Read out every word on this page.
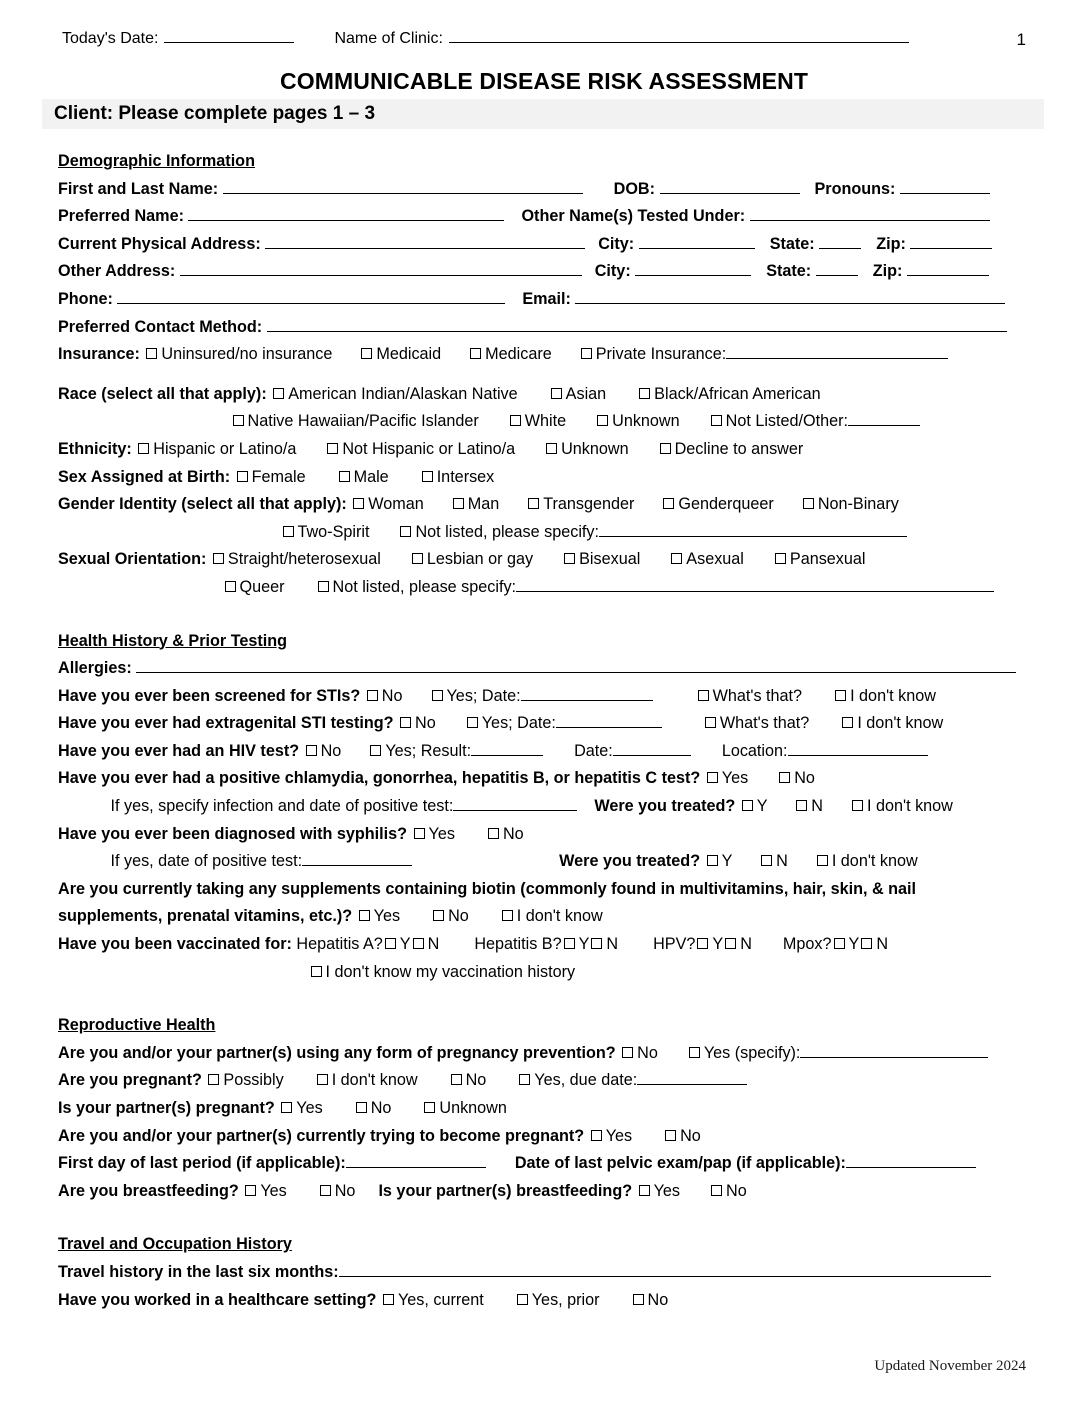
Today's Date:	Name of Clinic:	1
COMMUNICABLE DISEASE RISK ASSESSMENT
Client: Please complete pages 1 – 3
Demographic Information
First and Last Name:	DOB:	Pronouns:
Preferred Name:	Other Name(s) Tested Under:
Current Physical Address:	City:	State:	Zip:
Other Address:	City:	State:	Zip:
Phone:	Email:
Preferred Contact Method:
Insurance: Uninsured/no insurance	Medicaid	Medicare	Private Insurance:
Race (select all that apply): American Indian/Alaskan Native	Asian	Black/African American
Native Hawaiian/Pacific Islander	White	Unknown	Not Listed/Other:
Ethnicity: Hispanic or Latino/a	Not Hispanic or Latino/a	Unknown	Decline to answer
Sex Assigned at Birth: Female	Male	Intersex
Gender Identity (select all that apply): Woman	Man	Transgender	Genderqueer	Non-Binary
Two-Spirit	Not listed, please specify:
Sexual Orientation: Straight/heterosexual	Lesbian or gay	Bisexual	Asexual	Pansexual
Queer	Not listed, please specify:
Health History & Prior Testing
Allergies:
Have you ever been screened for STIs? No	Yes; Date:	What's that?	I don't know
Have you ever had extragenital STI testing? No	Yes; Date:	What's that?	I don't know
Have you ever had an HIV test? No	Yes; Result:	Date:	Location:
Have you ever had a positive chlamydia, gonorrhea, hepatitis B, or hepatitis C test? Yes	No
If yes, specify infection and date of positive test:	Were you treated? Y	N	I don't know
Have you ever been diagnosed with syphilis? Yes	No
If yes, date of positive test:	Were you treated? Y	N	I don't know
Are you currently taking any supplements containing biotin (commonly found in multivitamins, hair, skin, & nail
supplements, prenatal vitamins, etc.)? Yes	No	I don't know
Have you been vaccinated for: Hepatitis A? Y N Hepatitis B? Y N HPV? Y N Mpox? Y N
I don't know my vaccination history
Reproductive Health
Are you and/or your partner(s) using any form of pregnancy prevention? No	Yes (specify):
Are you pregnant? Possibly	I don't know	No	Yes, due date:
Is your partner(s) pregnant? Yes	No	Unknown
Are you and/or your partner(s) currently trying to become pregnant? Yes	No
First day of last period (if applicable):	Date of last pelvic exam/pap (if applicable):
Are you breastfeeding? Yes	No Is your partner(s) breastfeeding? Yes	No
Travel and Occupation History
Travel history in the last six months:
Have you worked in a healthcare setting? Yes, current	Yes, prior	No
Updated November 2024
